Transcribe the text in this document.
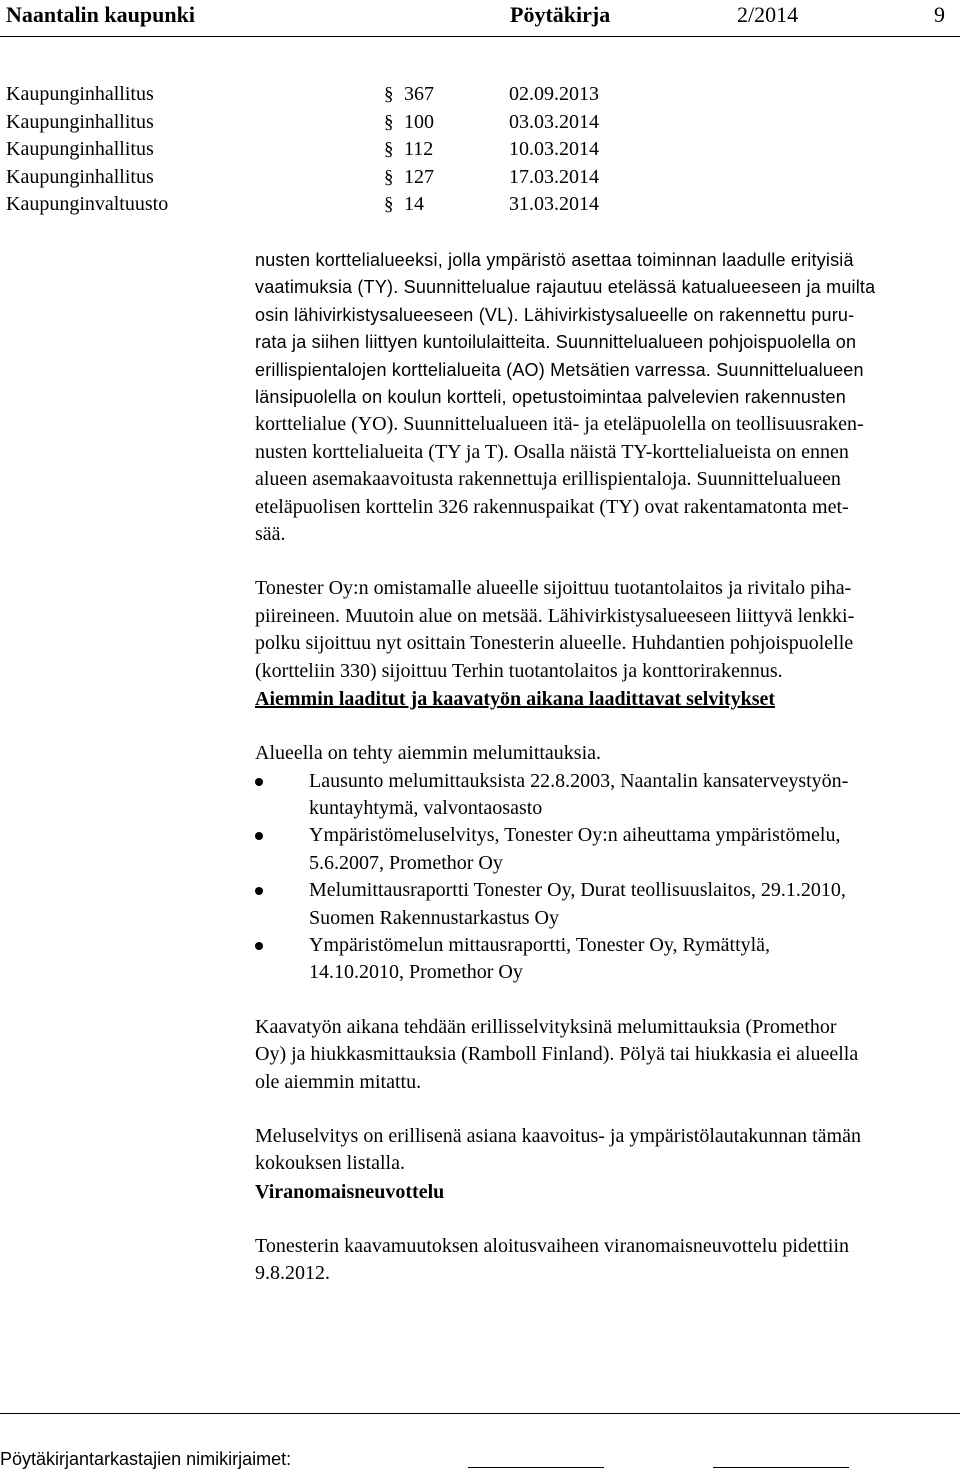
Naantalin kaupunki	Pöytäkirja	2/2014	9
Kaupunginhallitus	§ 367	02.09.2013
Kaupunginhallitus	§ 100	03.03.2014
Kaupunginhallitus	§ 112	10.03.2014
Kaupunginhallitus	§ 127	17.03.2014
Kaupunginvaltuusto	§ 14	31.03.2014

nusten korttelialueeksi, jolla ympäristö asettaa toiminnan laadulle erityisiä

vaatimuksia (TY). Suunnittelualue rajautuu etelässä katualueeseen ja muilta

osin lähivirkistysalueeseen (VL). Lähivirkistysalueelle on rakennettu puru-

rata ja siihen liittyen kuntoilulaitteita. Suunnittelualueen pohjoispuolella on

erillispientalojen korttelialueita (AO) Metsätien varressa. Suunnittelualueen

länsipuolella on koulun kortteli, opetustoimintaa palvelevien rakennusten

korttelialue (YO). Suunnittelualueen itä- ja eteläpuolella on teollisuusraken-

nusten korttelialueita (TY ja T). Osalla näistä TY-korttelialueista on ennen

alueen asemakaavoitusta rakennettuja erillispientaloja. Suunnittelualueen

eteläpuolisen korttelin 326 rakennuspaikat (TY) ovat rakentamatonta met-

sää.

Tonester Oy:n omistamalle alueelle sijoittuu tuotantolaitos ja rivitalo piha-

piireineen. Muutoin alue on metsää. Lähivirkistysalueeseen liittyvä lenkki-

polku sijoittuu nyt osittain Tonesterin alueelle. Huhdantien pohjoispuolelle

(kortteliin 330) sijoittuu Terhin tuotantolaitos ja konttorirakennus.

Aiemmin laaditut ja kaavatyön aikana laadittavat selvitykset

Alueella on tehty aiemmin melumittauksia.

Lausunto melumittauksista 22.8.2003, Naantalin kansaterveystyön-
kuntayhtymä, valvontaosasto
Ympäristömeluselvitys, Tonester Oy:n aiheuttama ympäristömelu,
5.6.2007, Promethor Oy
Melumittausraportti Tonester Oy, Durat teollisuuslaitos, 29.1.2010,
Suomen Rakennustarkastus Oy
Ympäristömelun mittausraportti, Tonester Oy, Rymättylä,
14.10.2010, Promethor Oy

Kaavatyön aikana tehdään erillisselvityksinä melumittauksia (Promethor

Oy) ja hiukkasmittauksia (Ramboll Finland). Pölyä tai hiukkasia ei alueella

ole aiemmin mitattu.

Meluselvitys on erillisenä asiana kaavoitus- ja ympäristölautakunnan tämän

kokouksen listalla.

Viranomaisneuvottelu

Tonesterin kaavamuutoksen aloitusvaiheen viranomaisneuvottelu pidettiin

9.8.2012.

Pöytäkirjantarkastajien nimikirjaimet:
